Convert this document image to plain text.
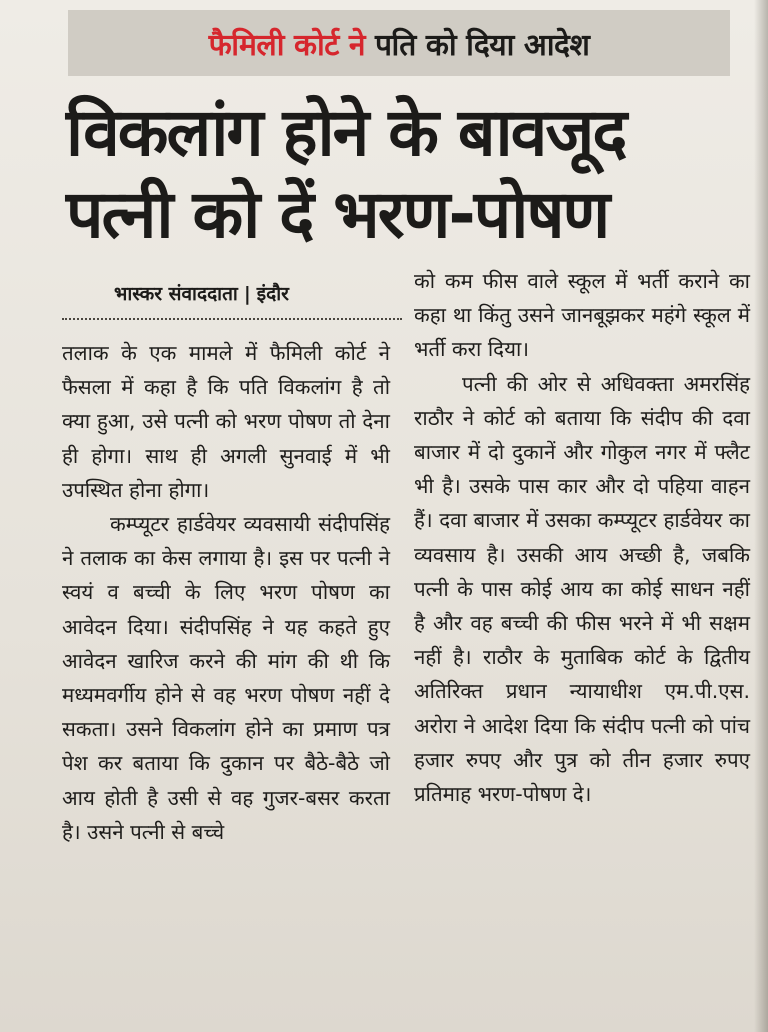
फैमिली कोर्ट ने पति को दिया आदेश
विकलांग होने के बावजूद
पत्नी को दें भरण-पोषण
भास्कर संवाददाता | इंदौर

तलाक के एक मामले में फैमिली कोर्ट ने फैसला में कहा है कि पति विकलांग है तो क्या हुआ, उसे पत्नी को भरण पोषण तो देना ही होगा। साथ ही अगली सुनवाई में भी उपस्थित होना होगा।

कम्प्यूटर हार्डवेयर व्यवसायी संदीपसिंह ने तलाक का केस लगाया है। इस पर पत्नी ने स्वयं व बच्ची के लिए भरण पोषण का आवेदन दिया। संदीपसिंह ने यह कहते हुए आवेदन खारिज करने की मांग की थी कि मध्यमवर्गीय होने से वह भरण पोषण नहीं दे सकता। उसने विकलांग होने का प्रमाण पत्र पेश कर बताया कि दुकान पर बैठे-बैठे जो आय होती है उसी से वह गुजर-बसर करता है। उसने पत्नी से बच्चे

को कम फीस वाले स्कूल में भर्ती कराने का कहा था किंतु उसने जानबूझकर महंगे स्कूल में भर्ती करा दिया।

पत्नी की ओर से अधिवक्ता अमरसिंह राठौर ने कोर्ट को बताया कि संदीप की दवा बाजार में दो दुकानें और गोकुल नगर में फ्लैट भी है। उसके पास कार और दो पहिया वाहन हैं। दवा बाजार में उसका कम्प्यूटर हार्डवेयर का व्यवसाय है। उसकी आय अच्छी है, जबकि पत्नी के पास कोई आय का कोई साधन नहीं है और वह बच्ची की फीस भरने में भी सक्षम नहीं है। राठौर के मुताबिक कोर्ट के द्वितीय अतिरिक्त प्रधान न्यायाधीश एम.पी.एस. अरोरा ने आदेश दिया कि संदीप पत्नी को पांच हजार रुपए और पुत्र को तीन हजार रुपए प्रतिमाह भरण-पोषण दे।
